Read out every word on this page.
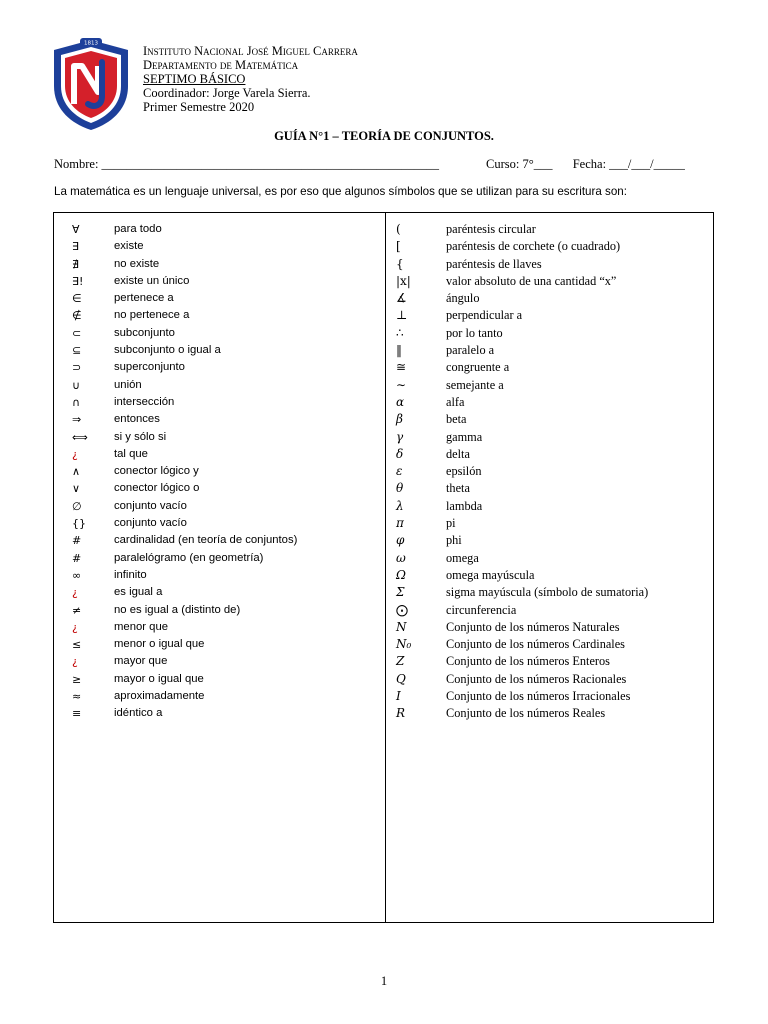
1813
Instituto Nacional José Miguel Carrera
Departamento de Matemática
SEPTIMO BÁSICO
Coordinador: Jorge Varela Sierra.
Primer Semestre 2020
GUÍA N°1 – TEORÍA DE CONJUNTOS.
Nombre: ______________________________________________________	Curso: 7°___ Fecha: ___/___/_____
La matemática es un lenguaje universal, es por eso que algunos símbolos que se utilizan para su escritura son:
∀	para todo
∃	existe
∄	no existe
∃!	existe un único
∈	pertenece a
∉	no pertenece a
⊂	subconjunto
⊆	subconjunto o igual a
⊃	superconjunto
∪	unión
∩	intersección
⇒	entonces
⟺	si y sólo si
¿	tal que
∧	conector lógico y
∨	conector lógico o
∅	conjunto vacío
{}	conjunto vacío
#	cardinalidad (en teoría de conjuntos)
#	paralelógramo (en geometría)
∞	infinito
¿	es igual a
≠	no es igual a (distinto de)
¿	menor que
≤	menor o igual que
¿	mayor que
≥	mayor o igual que
≈	aproximadamente
≡	idéntico a
(	paréntesis circular
[	paréntesis de corchete (o cuadrado)
{	paréntesis de llaves
|x|	valor absoluto de una cantidad “x”
∡	ángulo
⊥	perpendicular a
∴	por lo tanto
‖	paralelo a
≅	congruente a
∼	semejante a
α	alfa
β	beta
γ	gamma
δ	delta
ε	epsilón
θ	theta
λ	lambda
π	pi
φ	phi
ω	omega
Ω	omega mayúscula
Σ	sigma mayúscula (símbolo de sumatoria)
⨀	circunferencia
N	Conjunto de los números Naturales
N₀	Conjunto de los números Cardinales
Z	Conjunto de los números Enteros
Q	Conjunto de los números Racionales
I	Conjunto de los números Irracionales
R	Conjunto de los números Reales
1
